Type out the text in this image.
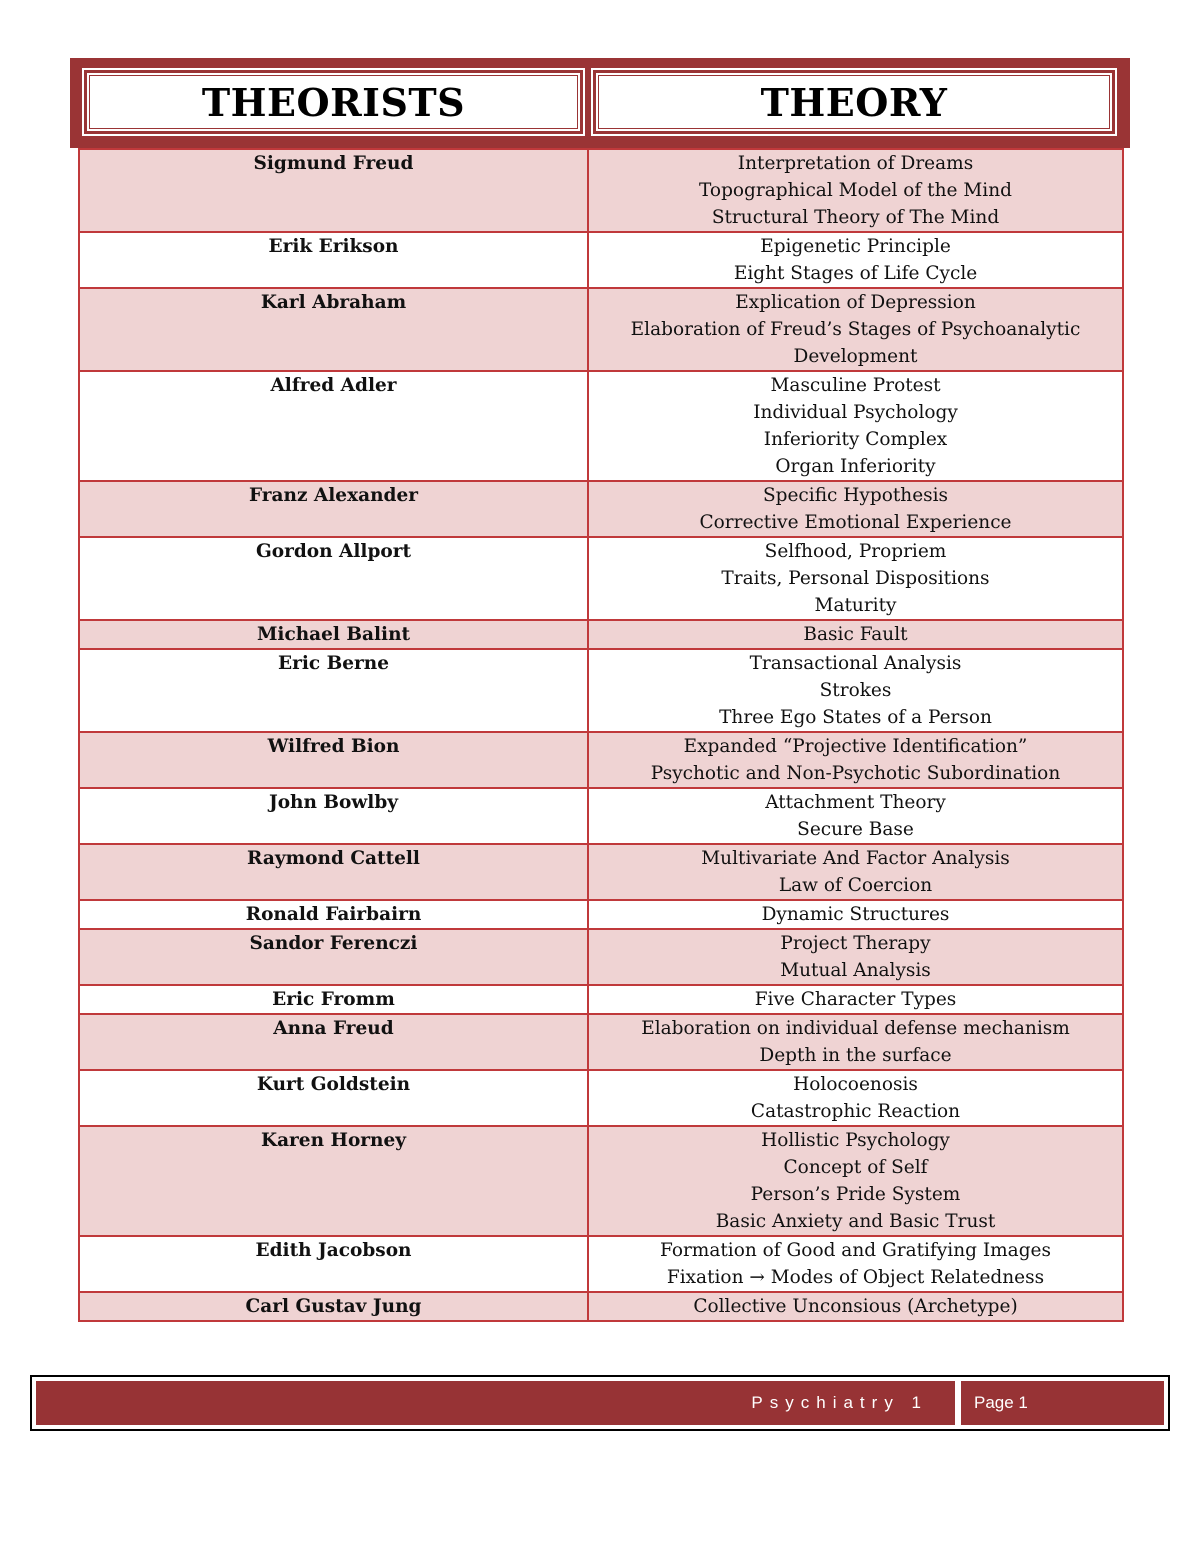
THEORISTS	THEORY
Sigmund Freud	Interpretation of Dreams
Topographical Model of the Mind
Structural Theory of The Mind

Erik Erikson	Epigenetic Principle
Eight Stages of Life Cycle

Karl Abraham	Explication of Depression
Elaboration of Freud’s Stages of Psychoanalytic
Development

Alfred Adler	Masculine Protest
Individual Psychology
Inferiority Complex
Organ Inferiority

Franz Alexander	Specific Hypothesis
Corrective Emotional Experience

Gordon Allport	Selfhood, Propriem
Traits, Personal Dispositions
Maturity

Michael Balint	Basic Fault

Eric Berne	Transactional Analysis
Strokes
Three Ego States of a Person

Wilfred Bion	Expanded “Projective Identification”
Psychotic and Non-Psychotic Subordination

John Bowlby	Attachment Theory
Secure Base

Raymond Cattell	Multivariate And Factor Analysis
Law of Coercion

Ronald Fairbairn	Dynamic Structures

Sandor Ferenczi	Project Therapy
Mutual Analysis

Eric Fromm	Five Character Types

Anna Freud	Elaboration on individual defense mechanism
Depth in the surface

Kurt Goldstein	Holocoenosis
Catastrophic Reaction

Karen Horney	Hollistic Psychology
Concept of Self
Person’s Pride System
Basic Anxiety and Basic Trust

Edith Jacobson	Formation of Good and Gratifying Images
Fixation → Modes of Object Relatedness

Carl Gustav Jung	Collective Unconsious (Archetype)
Psychiatry 1	Page 1
